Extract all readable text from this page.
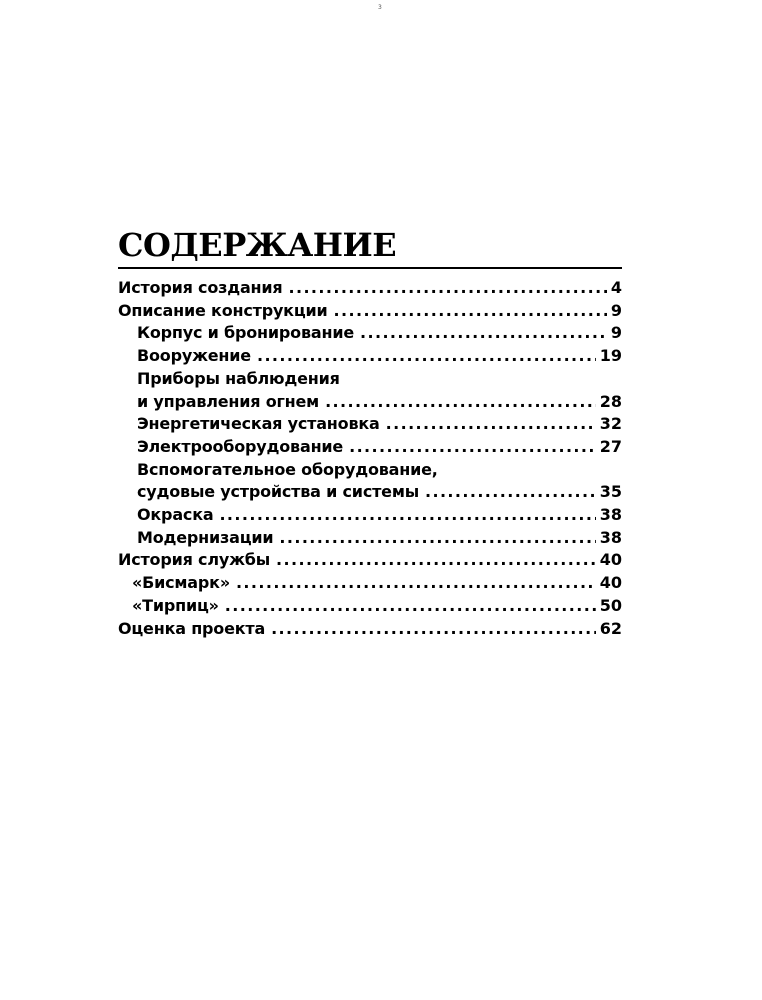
3
СОДЕРЖАНИЕ
История создания .....	4
Описание конструкции .....	9
Корпус и бронирование .....	9
Вооружение .....	19
Приборы наблюдения
и управления огнем .....	28
Энергетическая установка .....	32
Электрооборудование .....	27
Вспомогательное оборудование,
судовые устройства и системы .....	35
Окраска .....	38
Модернизации .....	38
История службы .....	40
«Бисмарк» .....	40
«Тирпиц» .....	50
Оценка проекта .....	62
